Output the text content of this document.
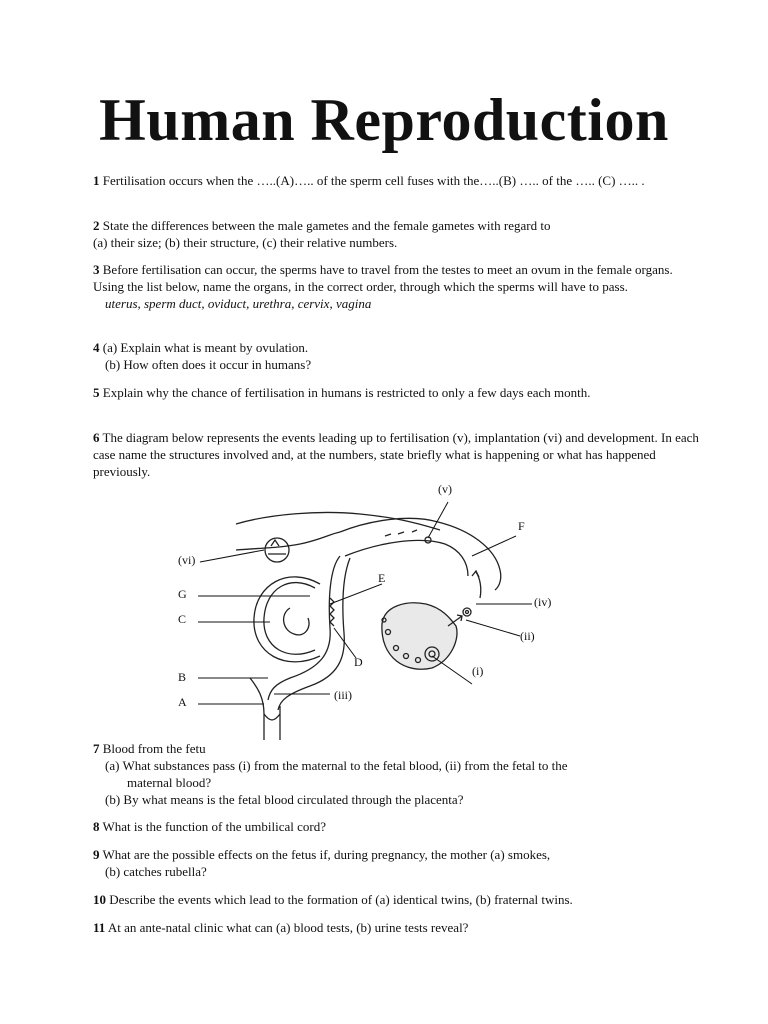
Human Reproduction
1 Fertilisation occurs when the …..(A)….. of the sperm cell fuses with the…..(B) ….. of the ….. (C) ….. .
2 State the differences between the male gametes and the female gametes with regard to
(a) their size; (b) their structure, (c) their relative numbers.
3 Before fertilisation can occur, the sperms have to travel from the testes to meet an ovum in the female organs. Using the list below, name the organs, in the correct order, through which the sperms will have to pass.
uterus, sperm duct, oviduct, urethra, cervix, vagina
4 (a) Explain what is meant by ovulation.
(b) How often does it occur in humans?
5 Explain why the chance of fertilisation in humans is restricted to only a few days each month.
6 The diagram below represents the events leading up to fertilisation (v), implantation (vi) and development. In each case name the structures involved and, at the numbers, state briefly what is happening or what has happened previously.
(v)
F
(vi)
E
G
(iv)
C
(ii)
D
(i)
B
(iii)
A
7 Blood from the fetu
(a) What substances pass (i) from the maternal to the fetal blood, (ii) from the fetal to the
maternal blood?
(b) By what means is the fetal blood circulated through the placenta?
8 What is the function of the umbilical cord?
9 What are the possible effects on the fetus if, during pregnancy, the mother (a) smokes,
(b) catches rubella?
10 Describe the events which lead to the formation of (a) identical twins, (b) fraternal twins.
11 At an ante-natal clinic what can (a) blood tests, (b) urine tests reveal?
